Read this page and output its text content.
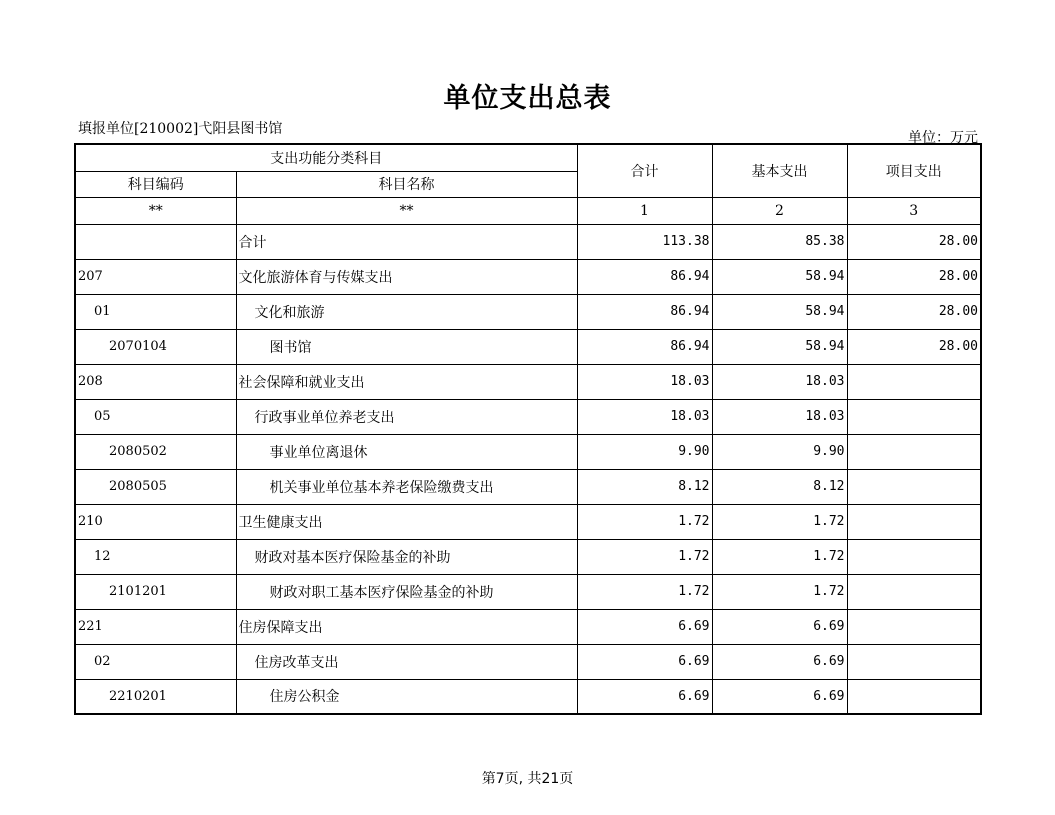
单位支出总表
填报单位[210002]弋阳县图书馆
单位：万元
支出功能分类科目		合计	基本支出	项目支出
科目编码	科目名称			
**	**	1	2	3
	合计	113.38	85.38	28.00
207	文化旅游体育与传媒支出	86.94	58.94	28.00
01	文化和旅游	86.94	58.94	28.00
2070104	图书馆	86.94	58.94	28.00
208	社会保障和就业支出	18.03	18.03	
05	行政事业单位养老支出	18.03	18.03	
2080502	事业单位离退休	9.90	9.90	
2080505	机关事业单位基本养老保险缴费支出	8.12	8.12	
210	卫生健康支出	1.72	1.72	
12	财政对基本医疗保险基金的补助	1.72	1.72	
2101201	财政对职工基本医疗保险基金的补助	1.72	1.72	
221	住房保障支出	6.69	6.69	
02	住房改革支出	6.69	6.69	
2210201	住房公积金	6.69	6.69	
第7页, 共21页
